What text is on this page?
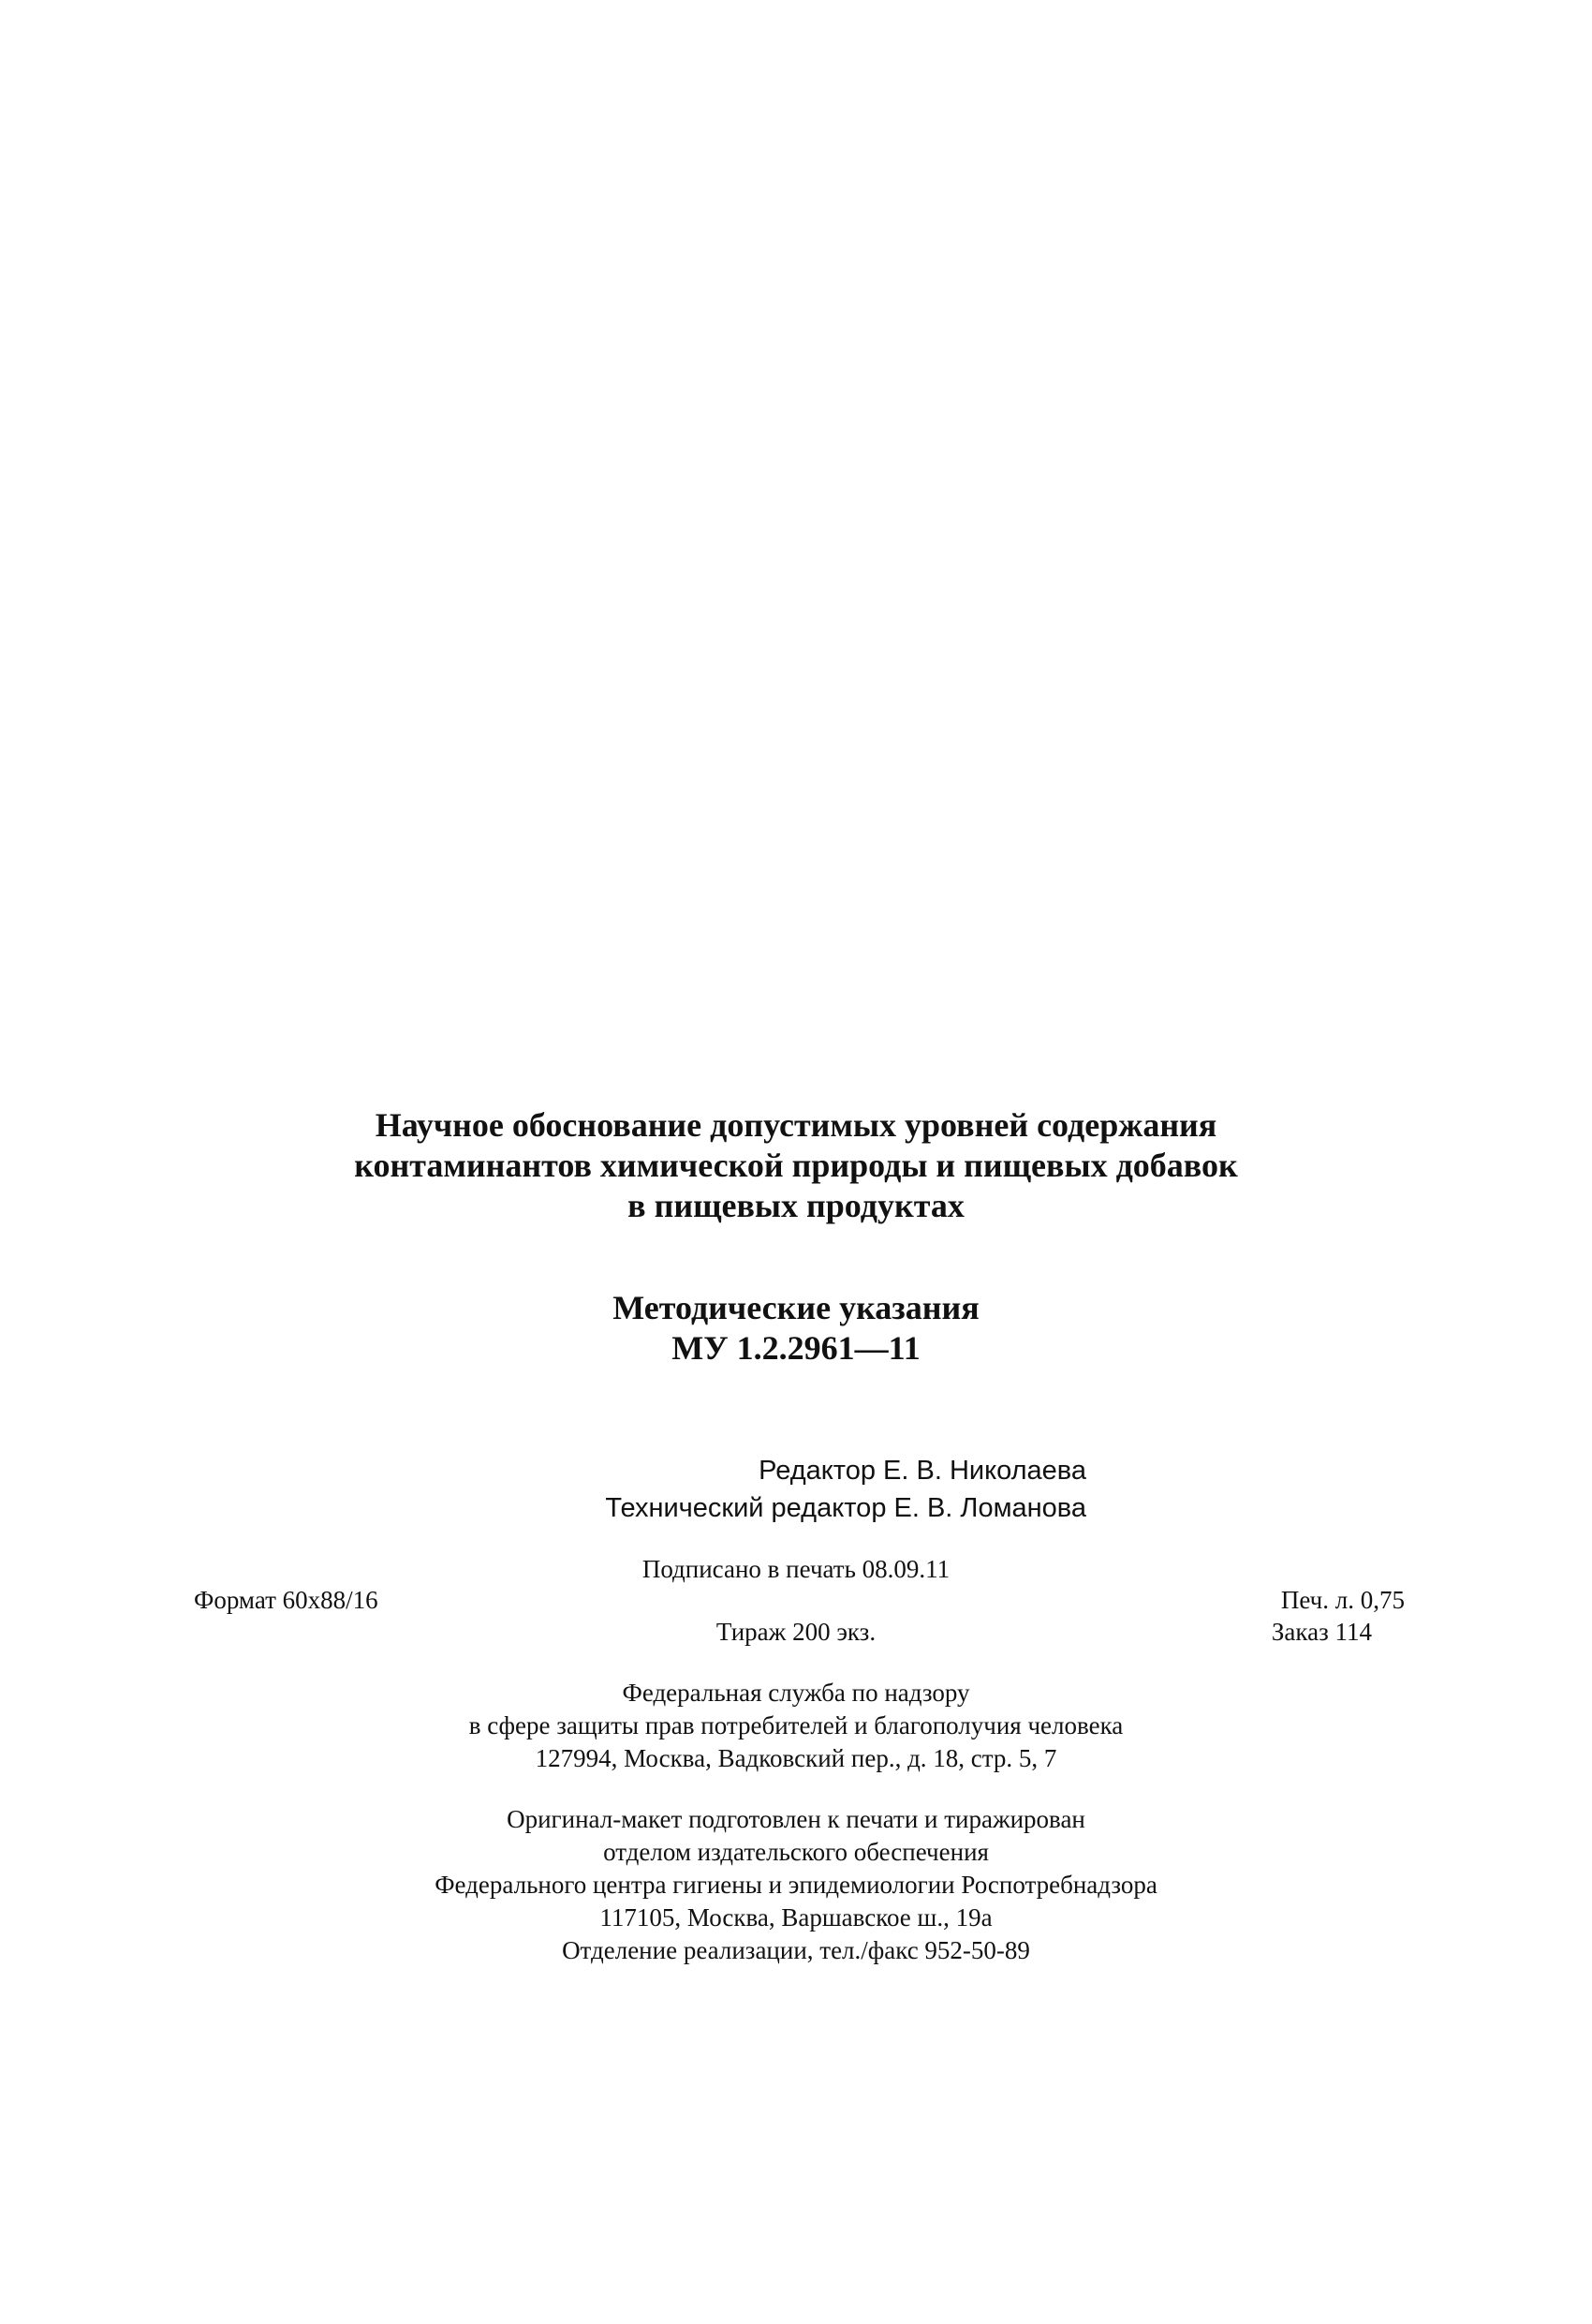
Научное обоснование допустимых уровней содержания
контаминантов химической природы и пищевых добавок
в пищевых продуктах
Методические указания
МУ 1.2.2961—11
Редактор Е. В. Николаева
Технический редактор Е. В. Ломанова
Подписано в печать 08.09.11
Формат 60x88/16	Печ. л. 0,75
Тираж 200 экз.	Заказ 114
Федеральная служба по надзору
в сфере защиты прав потребителей и благополучия человека
127994, Москва, Вадковский пер., д. 18, стр. 5, 7
Оригинал-макет подготовлен к печати и тиражирован
отделом издательского обеспечения
Федерального центра гигиены и эпидемиологии Роспотребнадзора
117105, Москва, Варшавское ш., 19а
Отделение реализации, тел./факс 952-50-89
